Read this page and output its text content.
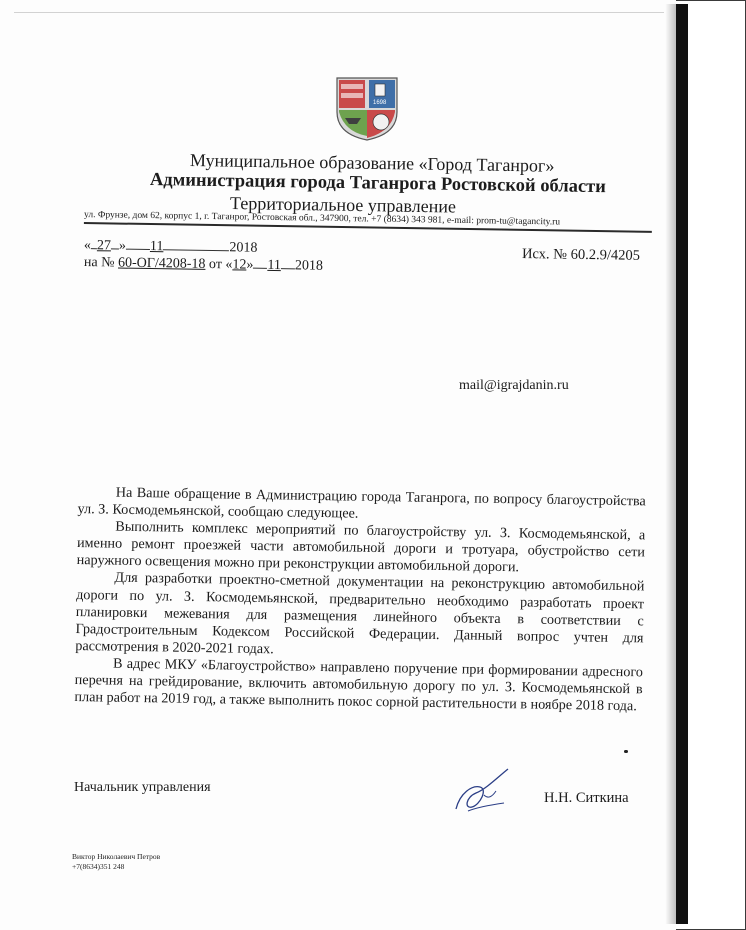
1698
Муниципальное образование «Город Таганрог»
Администрация города Таганрога Ростовской области
Территориальное управление
ул. Фрунзе, дом 62, корпус 1, г. Таганрог, Ростовская обл., 347900, тел. +7 (8634) 343 981, e-mail: prom-tu@tagancity.ru
« 27 » 11	2018
на № 60-ОГ/4208-18 от «12» 11 2018
Исх. № 60.2.9/4205
mail@igrajdanin.ru

На Ваше обращение в Администрацию города Таганрога, по вопросу благоустройства ул. З. Космодемьянской, сообщаю следующее.

Выполнить комплекс мероприятий по благоустройству ул. З. Космодемьянской, а именно ремонт проезжей части автомобильной дороги и тротуара, обустройство сети наружного освещения можно при реконструкции автомобильной дороги.

Для разработки проектно-сметной документации на реконструкцию автомобильной дороги по ул. З. Космодемьянской, предварительно необходимо разработать проект планировки межевания для размещения линейного объекта в соответствии с Градостроительным Кодексом Российской Федерации. Данный вопрос учтен для рассмотрения в 2020-2021 годах.

В адрес МКУ «Благоустройство» направлено поручение при формировании адресного перечня на грейдирование, включить автомобильную дорогу по ул. З. Космодемьянской в план работ на 2019 год, а также выполнить покос сорной растительности в ноябре 2018 года.

Начальник управления
Н.Н. Ситкина
Виктор Николаевич Петров
+7(8634)351 248
